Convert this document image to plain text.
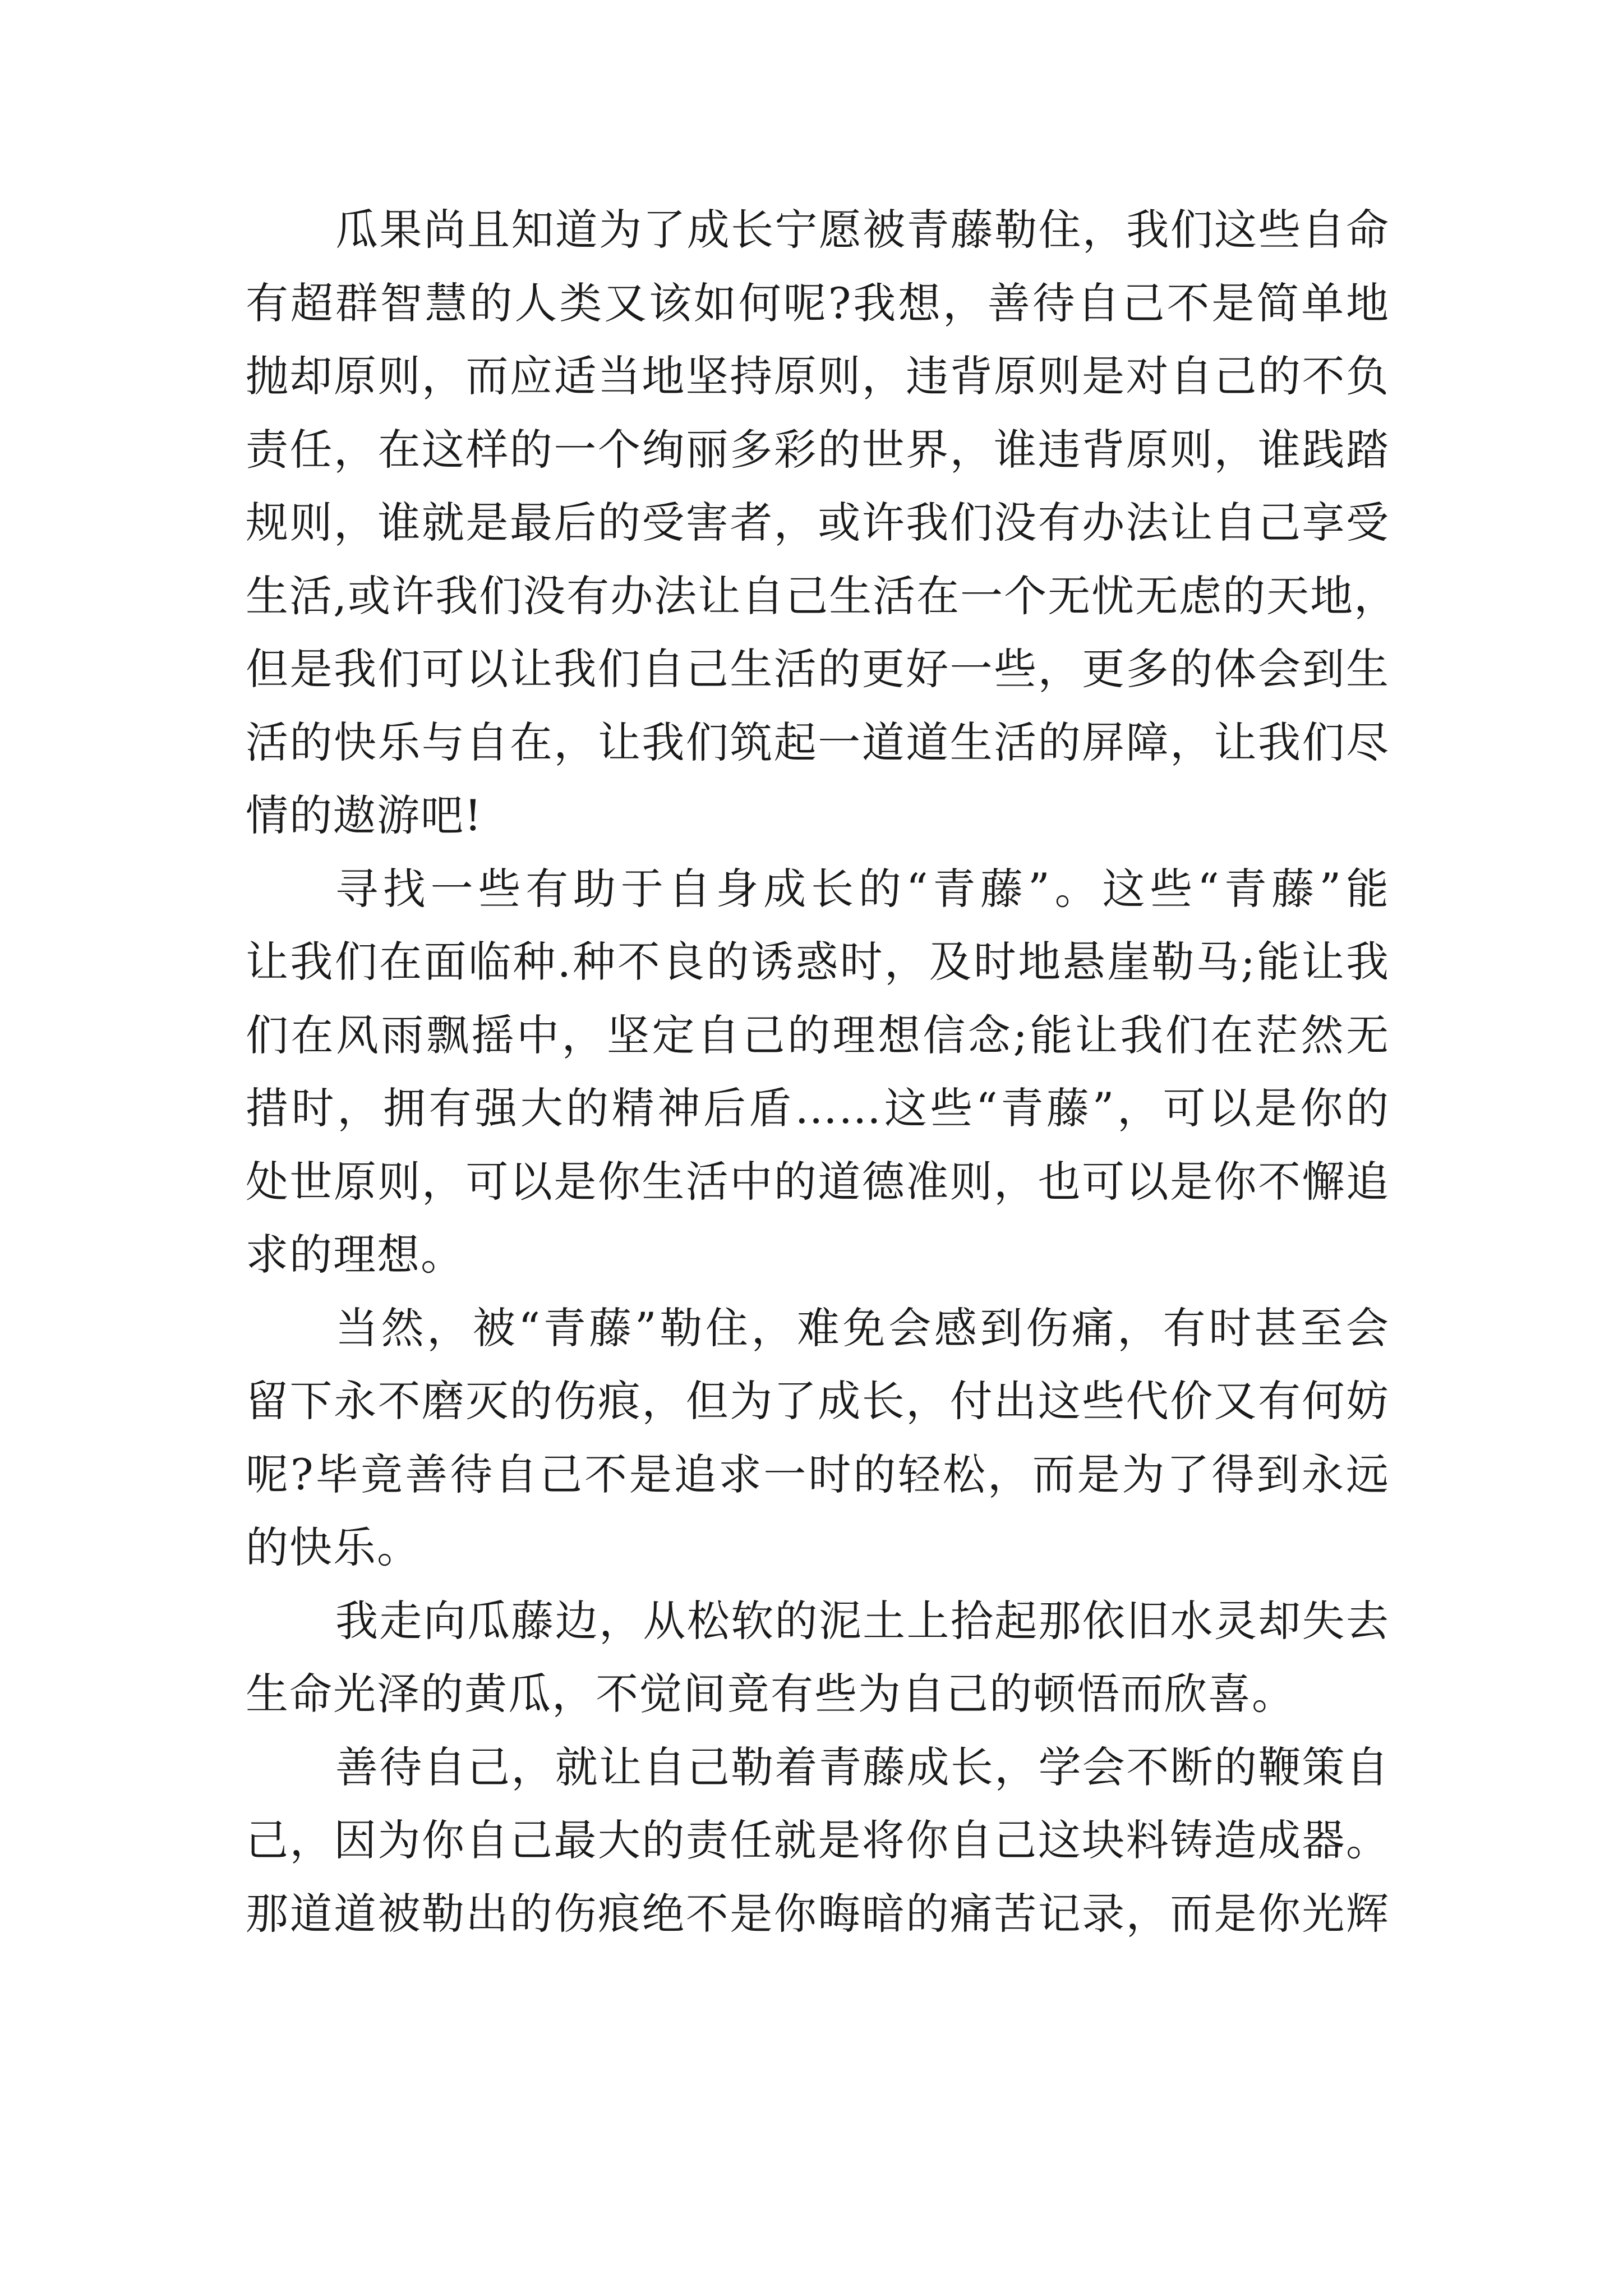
瓜果尚且知道为了成长宁愿被青藤勒住，我们这些自命
有超群智慧的人类又该如何呢?我想，善待自己不是简单地
抛却原则，而应适当地坚持原则，违背原则是对自己的不负
责任，在这样的一个绚丽多彩的世界，谁违背原则，谁践踏
规则，谁就是最后的受害者，或许我们没有办法让自己享受
生活,或许我们没有办法让自己生活在一个无忧无虑的天地，
但是我们可以让我们自己生活的更好一些，更多的体会到生
活的快乐与自在，让我们筑起一道道生活的屏障，让我们尽
情的遨游吧!
寻找一些有助于自身成长的“青藤”。这些“青藤”能
让我们在面临种.种不良的诱惑时，及时地悬崖勒马;能让我
们在风雨飘摇中，坚定自己的理想信念;能让我们在茫然无
措时，拥有强大的精神后盾……这些“青藤”，可以是你的
处世原则，可以是你生活中的道德准则，也可以是你不懈追
求的理想。
当然，被“青藤”勒住，难免会感到伤痛，有时甚至会
留下永不磨灭的伤痕，但为了成长，付出这些代价又有何妨
呢?毕竟善待自己不是追求一时的轻松，而是为了得到永远
的快乐。
我走向瓜藤边，从松软的泥土上拾起那依旧水灵却失去
生命光泽的黄瓜，不觉间竟有些为自己的顿悟而欣喜。
善待自己，就让自己勒着青藤成长，学会不断的鞭策自
己，因为你自己最大的责任就是将你自己这块料铸造成器。
那道道被勒出的伤痕绝不是你晦暗的痛苦记录，而是你光辉
